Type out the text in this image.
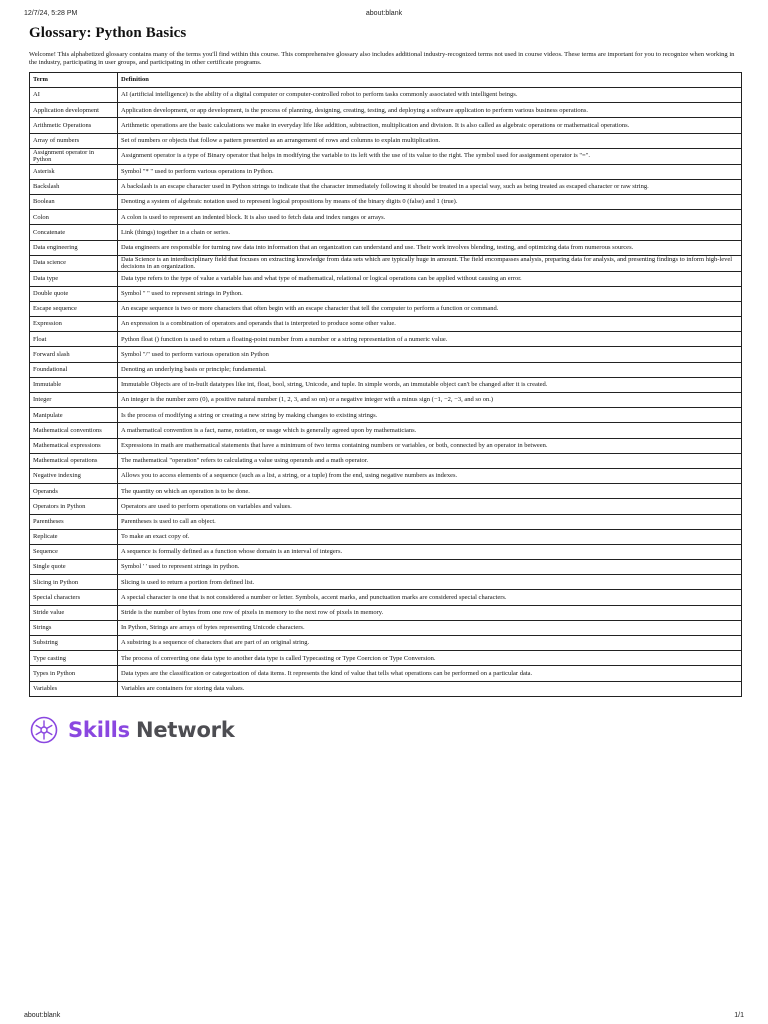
12/7/24, 5:28 PM	about:blank
Glossary: Python Basics

Welcome! This alphabetized glossary contains many of the terms you'll find within this course. This comprehensive glossary also includes additional industry-recognized terms not used in course videos. These terms are important for you to recognize when working in the industry, participating in user groups, and participating in other certificate programs.

Term	Definition
AI	AI (artificial intelligence) is the ability of a digital computer or computer-controlled robot to perform tasks commonly associated with intelligent beings.
Application development	Application development, or app development, is the process of planning, designing, creating, testing, and deploying a software application to perform various business operations.
Arithmetic Operations	Arithmetic operations are the basic calculations we make in everyday life like addition, subtraction, multiplication and division. It is also called as algebraic operations or mathematical operations.
Array of numbers	Set of numbers or objects that follow a pattern presented as an arrangement of rows and columns to explain multiplication.
Assignment operator in Python	Assignment operator is a type of Binary operator that helps in modifying the variable to its left with the use of its value to the right. The symbol used for assignment operator is "=".
Asterisk	Symbol "* " used to perform various operations in Python.
Backslash	A backslash is an escape character used in Python strings to indicate that the character immediately following it should be treated in a special way, such as being treated as escaped character or raw string.
Boolean	Denoting a system of algebraic notation used to represent logical propositions by means of the binary digits 0 (false) and 1 (true).
Colon	A colon is used to represent an indented block. It is also used to fetch data and index ranges or arrays.
Concatenate	Link (things) together in a chain or series.
Data engineering	Data engineers are responsible for turning raw data into information that an organization can understand and use. Their work involves blending, testing, and optimizing data from numerous sources.
Data science	Data Science is an interdisciplinary field that focuses on extracting knowledge from data sets which are typically huge in amount. The field encompasses analysis, preparing data for analysis, and presenting findings to inform high-level decisions in an organization.
Data type	Data type refers to the type of value a variable has and what type of mathematical, relational or logical operations can be applied without causing an error.
Double quote	Symbol " " used to represent strings in Python.
Escape sequence	An escape sequence is two or more characters that often begin with an escape character that tell the computer to perform a function or command.
Expression	An expression is a combination of operators and operands that is interpreted to produce some other value.
Float	Python float () function is used to return a floating-point number from a number or a string representation of a numeric value.
Forward slash	Symbol "/" used to perform various operation sin Python
Foundational	Denoting an underlying basis or principle; fundamental.
Immutable	Immutable Objects are of in-built datatypes like int, float, bool, string, Unicode, and tuple. In simple words, an immutable object can't be changed after it is created.
Integer	An integer is the number zero (0), a positive natural number (1, 2, 3, and so on) or a negative integer with a minus sign (−1, −2, −3, and so on.)
Manipulate	Is the process of modifying a string or creating a new string by making changes to existing strings.
Mathematical conventions	A mathematical convention is a fact, name, notation, or usage which is generally agreed upon by mathematicians.
Mathematical expressions	Expressions in math are mathematical statements that have a minimum of two terms containing numbers or variables, or both, connected by an operator in between.
Mathematical operations	The mathematical "operation" refers to calculating a value using operands and a math operator.
Negative indexing	Allows you to access elements of a sequence (such as a list, a string, or a tuple) from the end, using negative numbers as indexes.
Operands	The quantity on which an operation is to be done.
Operators in Python	Operators are used to perform operations on variables and values.
Parentheses	Parentheses is used to call an object.
Replicate	To make an exact copy of.
Sequence	A sequence is formally defined as a function whose domain is an interval of integers.
Single quote	Symbol ' ' used to represent strings in python.
Slicing in Python	Slicing is used to return a portion from defined list.
Special characters	A special character is one that is not considered a number or letter. Symbols, accent marks, and punctuation marks are considered special characters.
Stride value	Stride is the number of bytes from one row of pixels in memory to the next row of pixels in memory.
Strings	In Python, Strings are arrays of bytes representing Unicode characters.
Substring	A substring is a sequence of characters that are part of an original string.
Type casting	The process of converting one data type to another data type is called Typecasting or Type Coercion or Type Conversion.
Types in Python	Data types are the classification or categorization of data items. It represents the kind of value that tells what operations can be performed on a particular data.
Variables	Variables are containers for storing data values.
Skills Network
about:blank	1/1
